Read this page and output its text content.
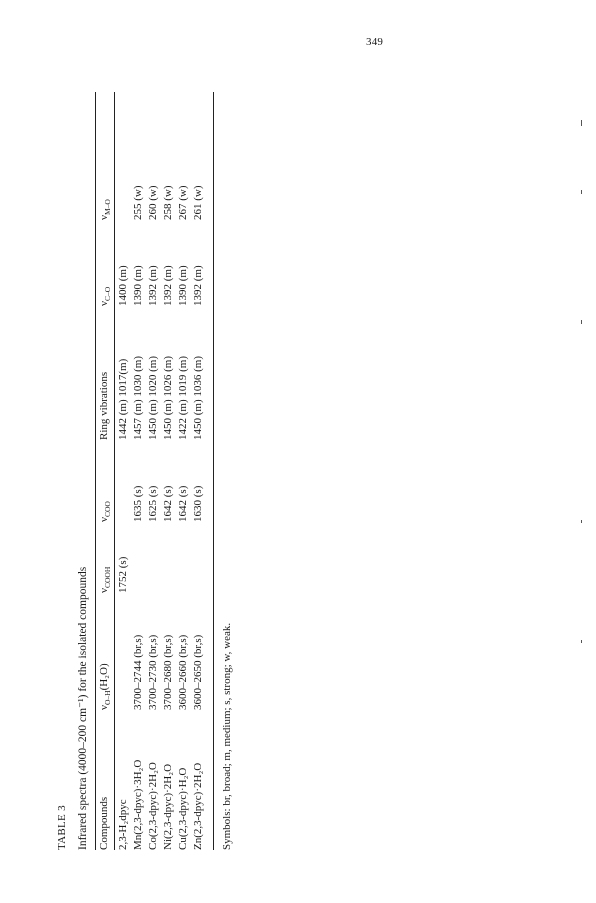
349
TABLE 3 Infrared spectra (4000–200 cm⁻¹) for the isolated compounds Compounds
$\nu_{O-H}(H_2O)$
$\nu_{COOH}$
$\nu_{COO}$
Ring vibrations
$\nu_{C-O}$
$\nu_{M-O}$
2,3-H₂dpyc
1752 (s)
1442 (m) 1017(m)
1400 (m)
Mn(2,3-dpyc)·3H₂O
3700–2744 (br,s)
1635 (s)
1457 (m) 1030 (m)
1390 (m)
255 (w)
Co(2,3-dpyc)·2H₂O
3700–2730 (br,s)
1625 (s)
1450 (m) 1020 (m)
1392 (m)
260 (w)
Ni(2,3-dpyc)·2H₂O
3700–2680 (br,s)
1642 (s)
1450 (m) 1026 (m)
1392 (m)
258 (w)
Cu(2,3-dpyc)·H₂O
3600–2660 (br,s)
1642 (s)
1422 (m) 1019 (m)
1390 (m)
267 (w)
Zn(2,3-dpyc)·2H₂O
3600–2650 (br,s)
1630 (s)
1450 (m) 1036 (m)
1392 (m)
261 (w)
Symbols: br, broad; m, medium; s, strong; w, weak.
